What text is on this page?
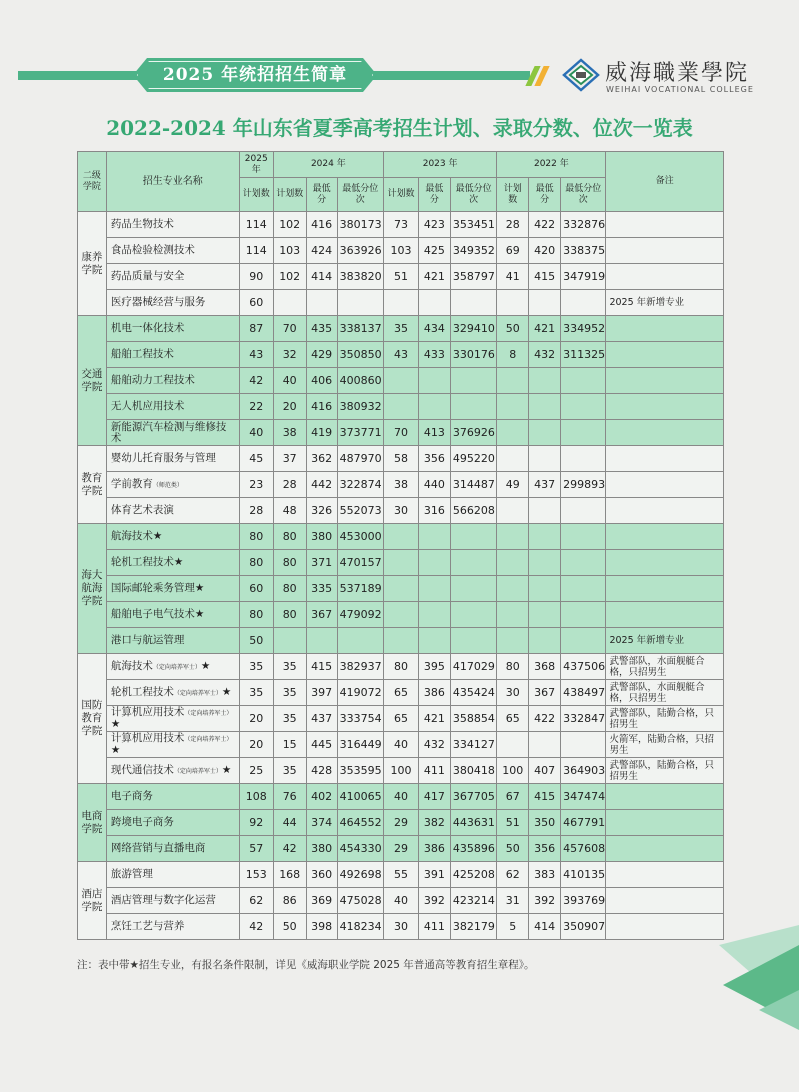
2025 年统招招生简章	威海職業學院
WEIHAI VOCATIONAL COLLEGE
2022-2024 年山东省夏季高考招生计划、录取分数、位次一览表
二级学院	招生专业名称	2025 年	2024 年			2023 年			2022 年			备注
		计划数	计划数	最低分	最低分位次	计划数	最低分	最低分位次	计划数	最低分	最低分位次	
康养学院	药品生物技术	114	102	416	380173	73	423	353451	28	422	332876	
	食品检验检测技术	114	103	424	363926	103	425	349352	69	420	338375	
	药品质量与安全	90	102	414	383820	51	421	358797	41	415	347919	
	医疗器械经营与服务	60										2025 年新增专业
交通学院	机电一体化技术	87	70	435	338137	35	434	329410	50	421	334952	
	船舶工程技术	43	32	429	350850	43	433	330176	8	432	311325	
	船舶动力工程技术	42	40	406	400860							
	无人机应用技术	22	20	416	380932							
	新能源汽车检测与维修技术	40	38	419	373771	70	413	376926				
教育学院	婴幼儿托育服务与管理	45	37	362	487970	58	356	495220				
	学前教育（师范类）	23	28	442	322874	38	440	314487	49	437	299893	
	体育艺术表演	28	48	326	552073	30	316	566208				
海大航海学院	航海技术★	80	80	380	453000							
	轮机工程技术★	80	80	371	470157							
	国际邮轮乘务管理★	60	80	335	537189							
	船舶电子电气技术★	80	80	367	479092							
	港口与航运管理	50										2025 年新增专业
国防教育学院	航海技术（定向培养军士）★	35	35	415	382937	80	395	417029	80	368	437506	武警部队，水面舰艇合格，只招男生
	轮机工程技术（定向培养军士）★	35	35	397	419072	65	386	435424	30	367	438497	武警部队，水面舰艇合格，只招男生
	计算机应用技术（定向培养军士）★	20	35	437	333754	65	421	358854	65	422	332847	武警部队，陆勤合格，只招男生
	计算机应用技术（定向培养军士）★	20	15	445	316449	40	432	334127				火箭军，陆勤合格，只招男生
	现代通信技术（定向培养军士）★	25	35	428	353595	100	411	380418	100	407	364903	武警部队，陆勤合格，只招男生
电商学院	电子商务	108	76	402	410065	40	417	367705	67	415	347474	
	跨境电子商务	92	44	374	464552	29	382	443631	51	350	467791	
	网络营销与直播电商	57	42	380	454330	29	386	435896	50	356	457608	
酒店学院	旅游管理	153	168	360	492698	55	391	425208	62	383	410135	
	酒店管理与数字化运营	62	86	369	475028	40	392	423214	31	392	393769	
	烹饪工艺与营养	42	50	398	418234	30	411	382179	5	414	350907	
注：表中带★招生专业，有报名条件限制，详见《威海职业学院 2025 年普通高等教育招生章程》。
